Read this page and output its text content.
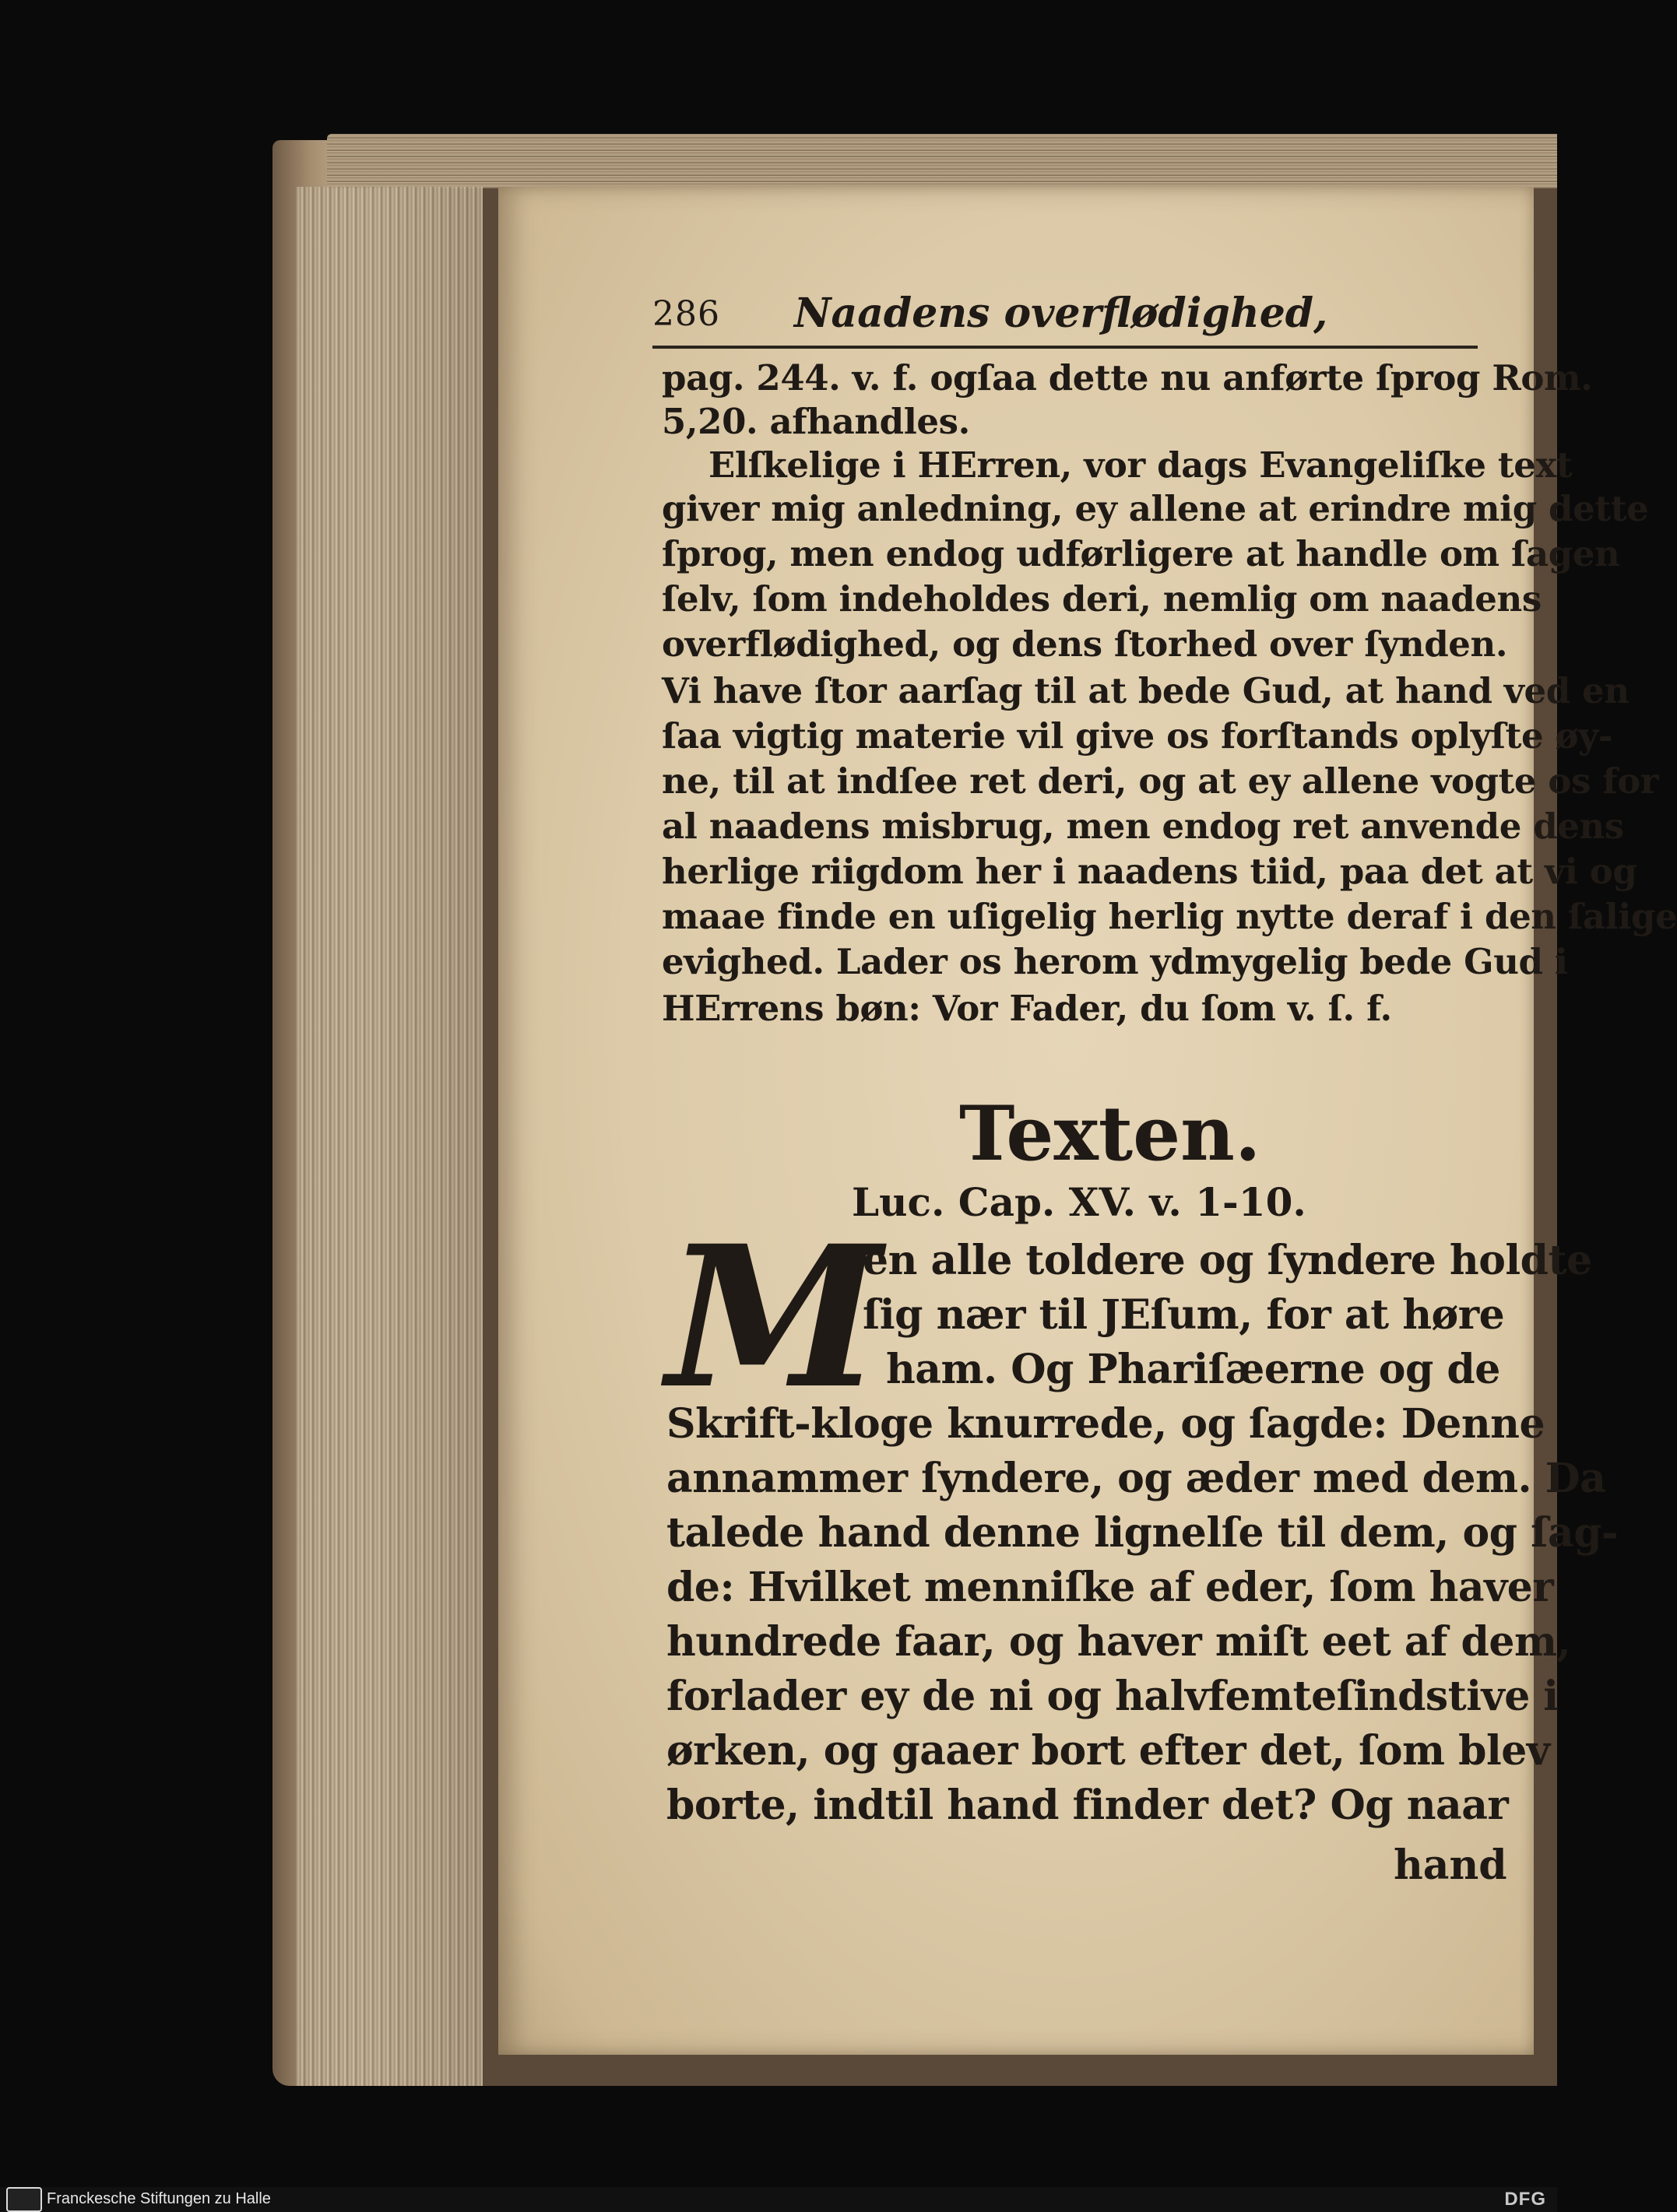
286 Naadens overflødighed,
pag. 244. v. f. ogſaa dette nu anførte ſprog Rom.
5,20. afhandles.
Elſkelige i HErren, vor dags Evangeliſke text
giver mig anledning, ey allene at erindre mig dette
ſprog, men endog udførligere at handle om ſagen
ſelv, ſom indeholdes deri, nemlig om naadens
overflødighed, og dens ſtorhed over ſynden.
Vi have ſtor aarſag til at bede Gud, at hand ved en
ſaa vigtig materie vil give os forſtands oplyſte øy-
ne, til at indſee ret deri, og at ey allene vogte os for
al naadens misbrug, men endog ret anvende dens
herlige riigdom her i naadens tiid, paa det at vi og
maae finde en uſigelig herlig nytte deraf i den ſalige
evighed. Lader os herom ydmygelig bede Gud i
HErrens bøn: Vor Fader, du ſom v. ſ. f.
Texten.
Luc. Cap. XV. v. 1-10.
M
en alle toldere og ſyndere holdte
ſig nær til JEſum, for at høre
ham. Og Phariſæerne og de
Skrift-kloge knurrede, og ſagde: Denne
annammer ſyndere, og æder med dem. Da
talede hand denne lignelſe til dem, og ſag-
de: Hvilket menniſke af eder, ſom haver
hundrede faar, og haver miſt eet af dem,
forlader ey de ni og halvfemteſindstive i
ørken, og gaaer bort efter det, ſom blev
borte, indtil hand finder det? Og naar
hand
Franckesche Stiftungen zu Halle	DFG
